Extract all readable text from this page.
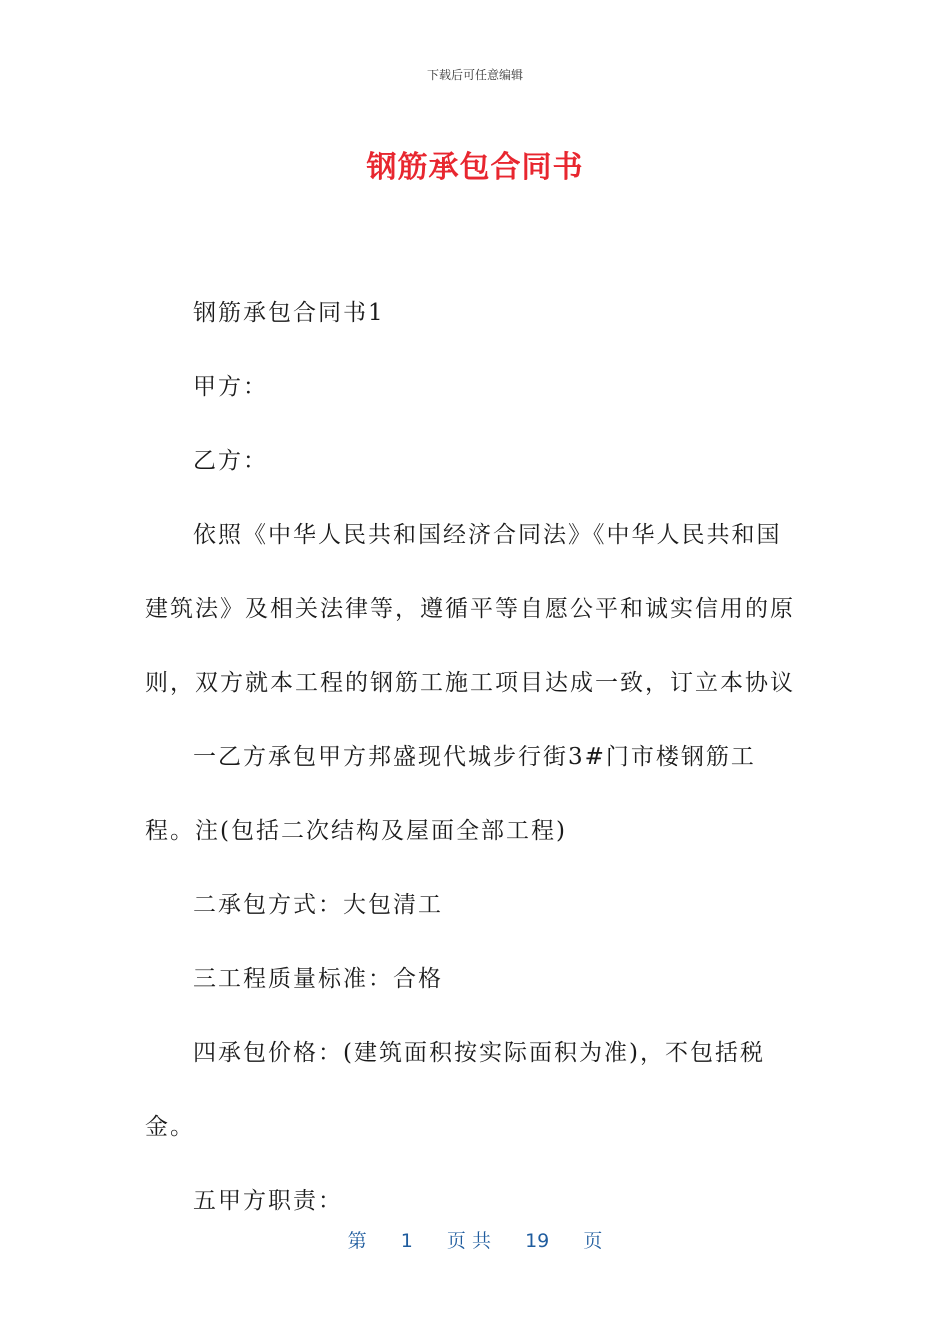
下载后可任意编辑
钢筋承包合同书

钢筋承包合同书1

甲方：

乙方：

依照《中华人民共和国经济合同法》《中华人民共和国建筑法》及相关法律等，遵循平等自愿公平和诚实信用的原则，双方就本工程的钢筋工施工项目达成一致，订立本协议

一乙方承包甲方邦盛现代城步行街3#门市楼钢筋工程。注(包括二次结构及屋面全部工程)

二承包方式：大包清工

三工程质量标准：合格

四承包价格：(建筑面积按实际面积为准)，不包括税金。

五甲方职责：

第 1 页 共 19 页
